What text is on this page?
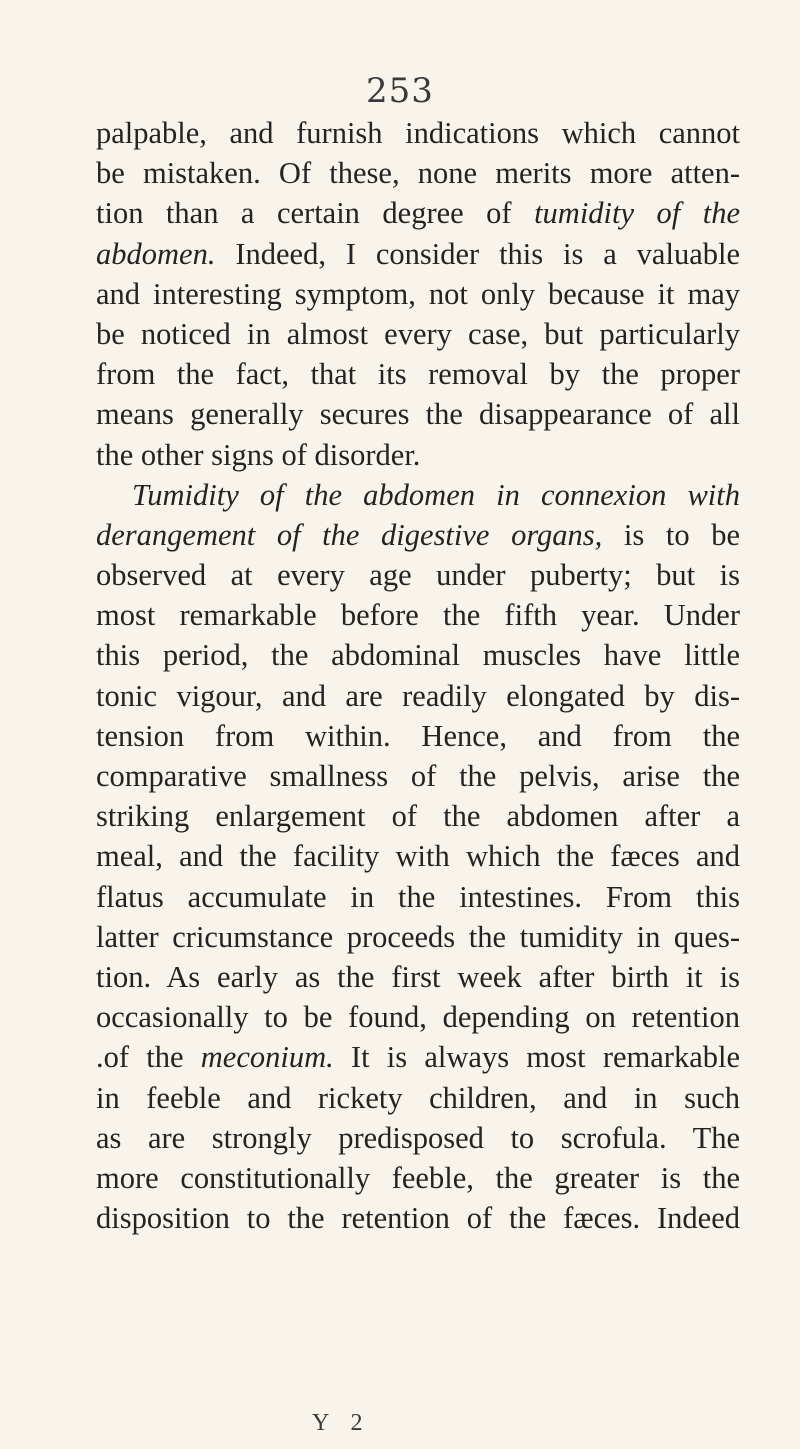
253
palpable, and furnish indications which cannot
be mistaken. Of these, none merits more atten-
tion than a certain degree of tumidity of the
abdomen. Indeed, I consider this is a valuable
and interesting symptom, not only because it may
be noticed in almost every case, but particularly
from the fact, that its removal by the proper
means generally secures the disappearance of all
the other signs of disorder.
Tumidity of the abdomen in connexion with
derangement of the digestive organs, is to be
observed at every age under puberty; but is
most remarkable before the fifth year. Under
this period, the abdominal muscles have little
tonic vigour, and are readily elongated by dis-
tension from within. Hence, and from the
comparative smallness of the pelvis, arise the
striking enlargement of the abdomen after a
meal, and the facility with which the fæces and
flatus accumulate in the intestines. From this
latter cricumstance proceeds the tumidity in ques-
tion. As early as the first week after birth it is
occasionally to be found, depending on retention
.of the meconium. It is always most remarkable
in feeble and rickety children, and in such
as are strongly predisposed to scrofula. The
more constitutionally feeble, the greater is the
disposition to the retention of the fæces. Indeed
Y 2
